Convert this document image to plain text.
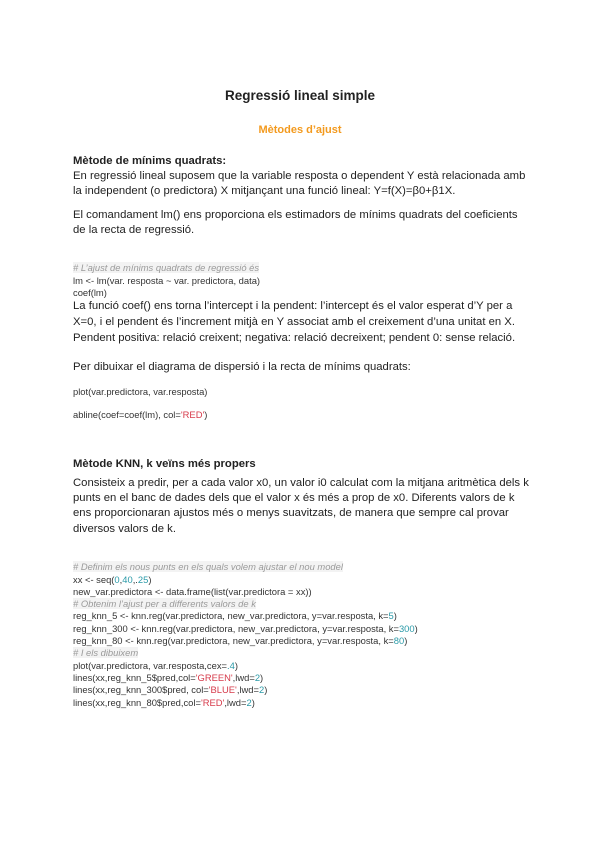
Regressió lineal simple
Mètodes d’ajust
Mètode de mínims quadrats:
En regressió lineal suposem que la variable resposta o dependent Y està relacionada amb la independent (o predictora) X mitjançant una funció lineal: Y=f(X)=β0+β1X.
El comandament lm() ens proporciona els estimadors de mínims quadrats del coeficients de la recta de regressió.

# L’ajust de mínims quadrats de regressió és
lm <- lm(var. resposta ~ var. predictora, data)
coef(lm)
La funció coef() ens torna l’intercept i la pendent: l’intercept és el valor esperat d’Y per a X=0, i el pendent és l’increment mitjà en Y associat amb el creixement d’una unitat en X. Pendent positiva: relació creixent; negativa: relació decreixent; pendent 0: sense relació.
Per dibuixar el diagrama de dispersió i la recta de mínims quadrats:
plot(var.predictora, var.resposta)
abline(coef=coef(lm), col='RED')
Mètode KNN, k veïns més propers
Consisteix a predir, per a cada valor x0, un valor i0 calculat com la mitjana aritmètica dels k punts en el banc de dades dels que el valor x és més a prop de x0. Diferents valors de k ens proporcionaran ajustos més o menys suavitzats, de manera que sempre cal provar diversos valors de k.

# Definim els nous punts en els quals volem ajustar el nou model
xx <- seq(0,40,.25)
new_var.predictora <- data.frame(list(var.predictora = xx))
# Obtenim l’ajust per a differents valors de k
reg_knn_5 <- knn.reg(var.predictora, new_var.predictora, y=var.resposta, k=5)
reg_knn_300 <- knn.reg(var.predictora, new_var.predictora, y=var.resposta, k=300)
reg_knn_80 <- knn.reg(var.predictora, new_var.predictora, y=var.resposta, k=80)
# I els dibuixem
plot(var.predictora, var.resposta,cex=.4)
lines(xx,reg_knn_5$pred,col='GREEN',lwd=2)
lines(xx,reg_knn_300$pred, col='BLUE',lwd=2)
lines(xx,reg_knn_80$pred,col='RED',lwd=2)
